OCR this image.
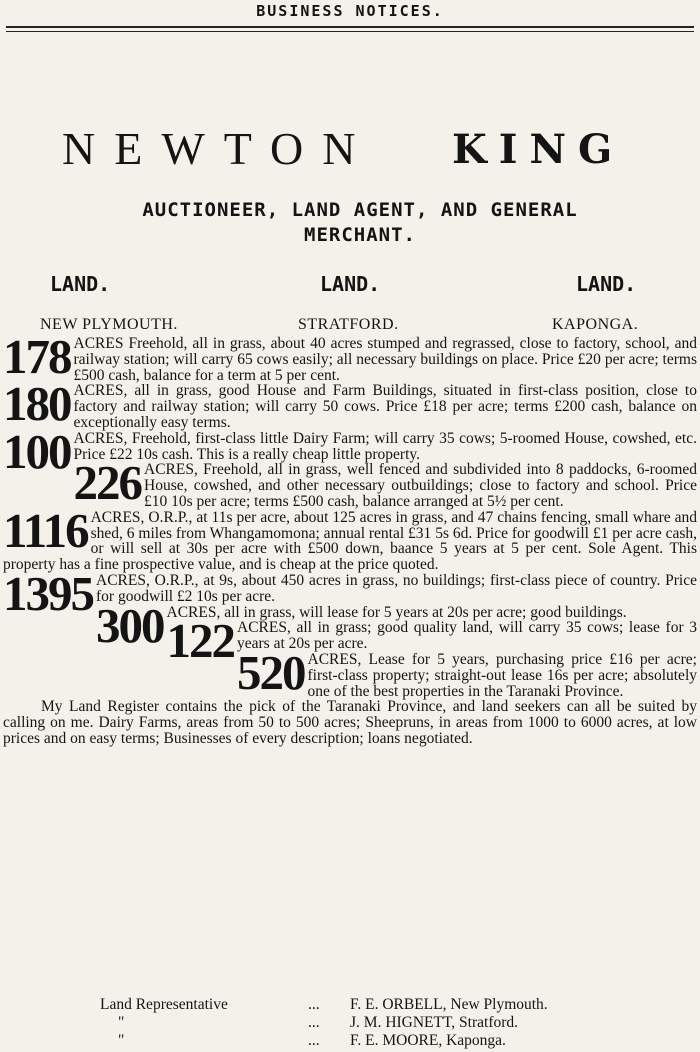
BUSINESS NOTICES.
NEWTON KING
AUCTIONEER, LAND AGENT, AND GENERAL
MERCHANT.
LAND.	LAND.	LAND.
NEW PLYMOUTH.	STRATFORD.	KAPONGA.
178 ACRES Freehold, all in grass, about 40 acres stumped and regrassed, close to factory, school, and railway station; will carry 65 cows easily; all necessary buildings on place. Price £20 per acre; terms £500 cash, balance for a term at 5 per cent.
180 ACRES, all in grass, good House and Farm Buildings, situated in first-class position, close to factory and railway station; will carry 50 cows. Price £18 per acre; terms £200 cash, balance on exceptionally easy terms.
100 ACRES, Freehold, first-class little Dairy Farm; will carry 35 cows; 5-roomed House, cowshed, etc. Price £22 10s cash. This is a really cheap little property.
226 ACRES, Freehold, all in grass, well fenced and subdivided into 8 paddocks, 6-roomed House, cowshed, and other necessary outbuildings; close to factory and school. Price £10 10s per acre; terms £500 cash, balance arranged at 5½ per cent.
1116 ACRES, O.R.P., at 11s per acre, about 125 acres in grass, and 47 chains fencing, small whare and shed, 6 miles from Whangamomona; annual rental £31 5s 6d. Price for goodwill £1 per acre cash, or will sell at 30s per acre with £500 down, baance 5 years at 5 per cent. Sole Agent. This property has a fine prospective value, and is cheap at the price quoted.
1395 ACRES, O.R.P., at 9s, about 450 acres in grass, no buildings; first-class piece of country. Price for goodwill £2 10s per acre.
300 ACRES, all in grass, will lease for 5 years at 20s per acre; good buildings.
122 ACRES, all in grass; good quality land, will carry 35 cows; lease for 3 years at 20s per acre.
520 ACRES, Lease for 5 years, purchasing price £16 per acre; first-class property; straight-out lease 16s per acre; absolutely one of the best properties in the Taranaki Province.
My Land Register contains the pick of the Taranaki Province, and land seekers can all be suited by calling on me. Dairy Farms, areas from 50 to 500 acres; Sheepruns, in areas from 1000 to 6000 acres, at low prices and on easy terms; Businesses of every description; loans negotiated.
Land Representative	... F. E. ORBELL, New Plymouth.
"	... J. M. HIGNETT, Stratford.
"	... F. E. MOORE, Kaponga.
